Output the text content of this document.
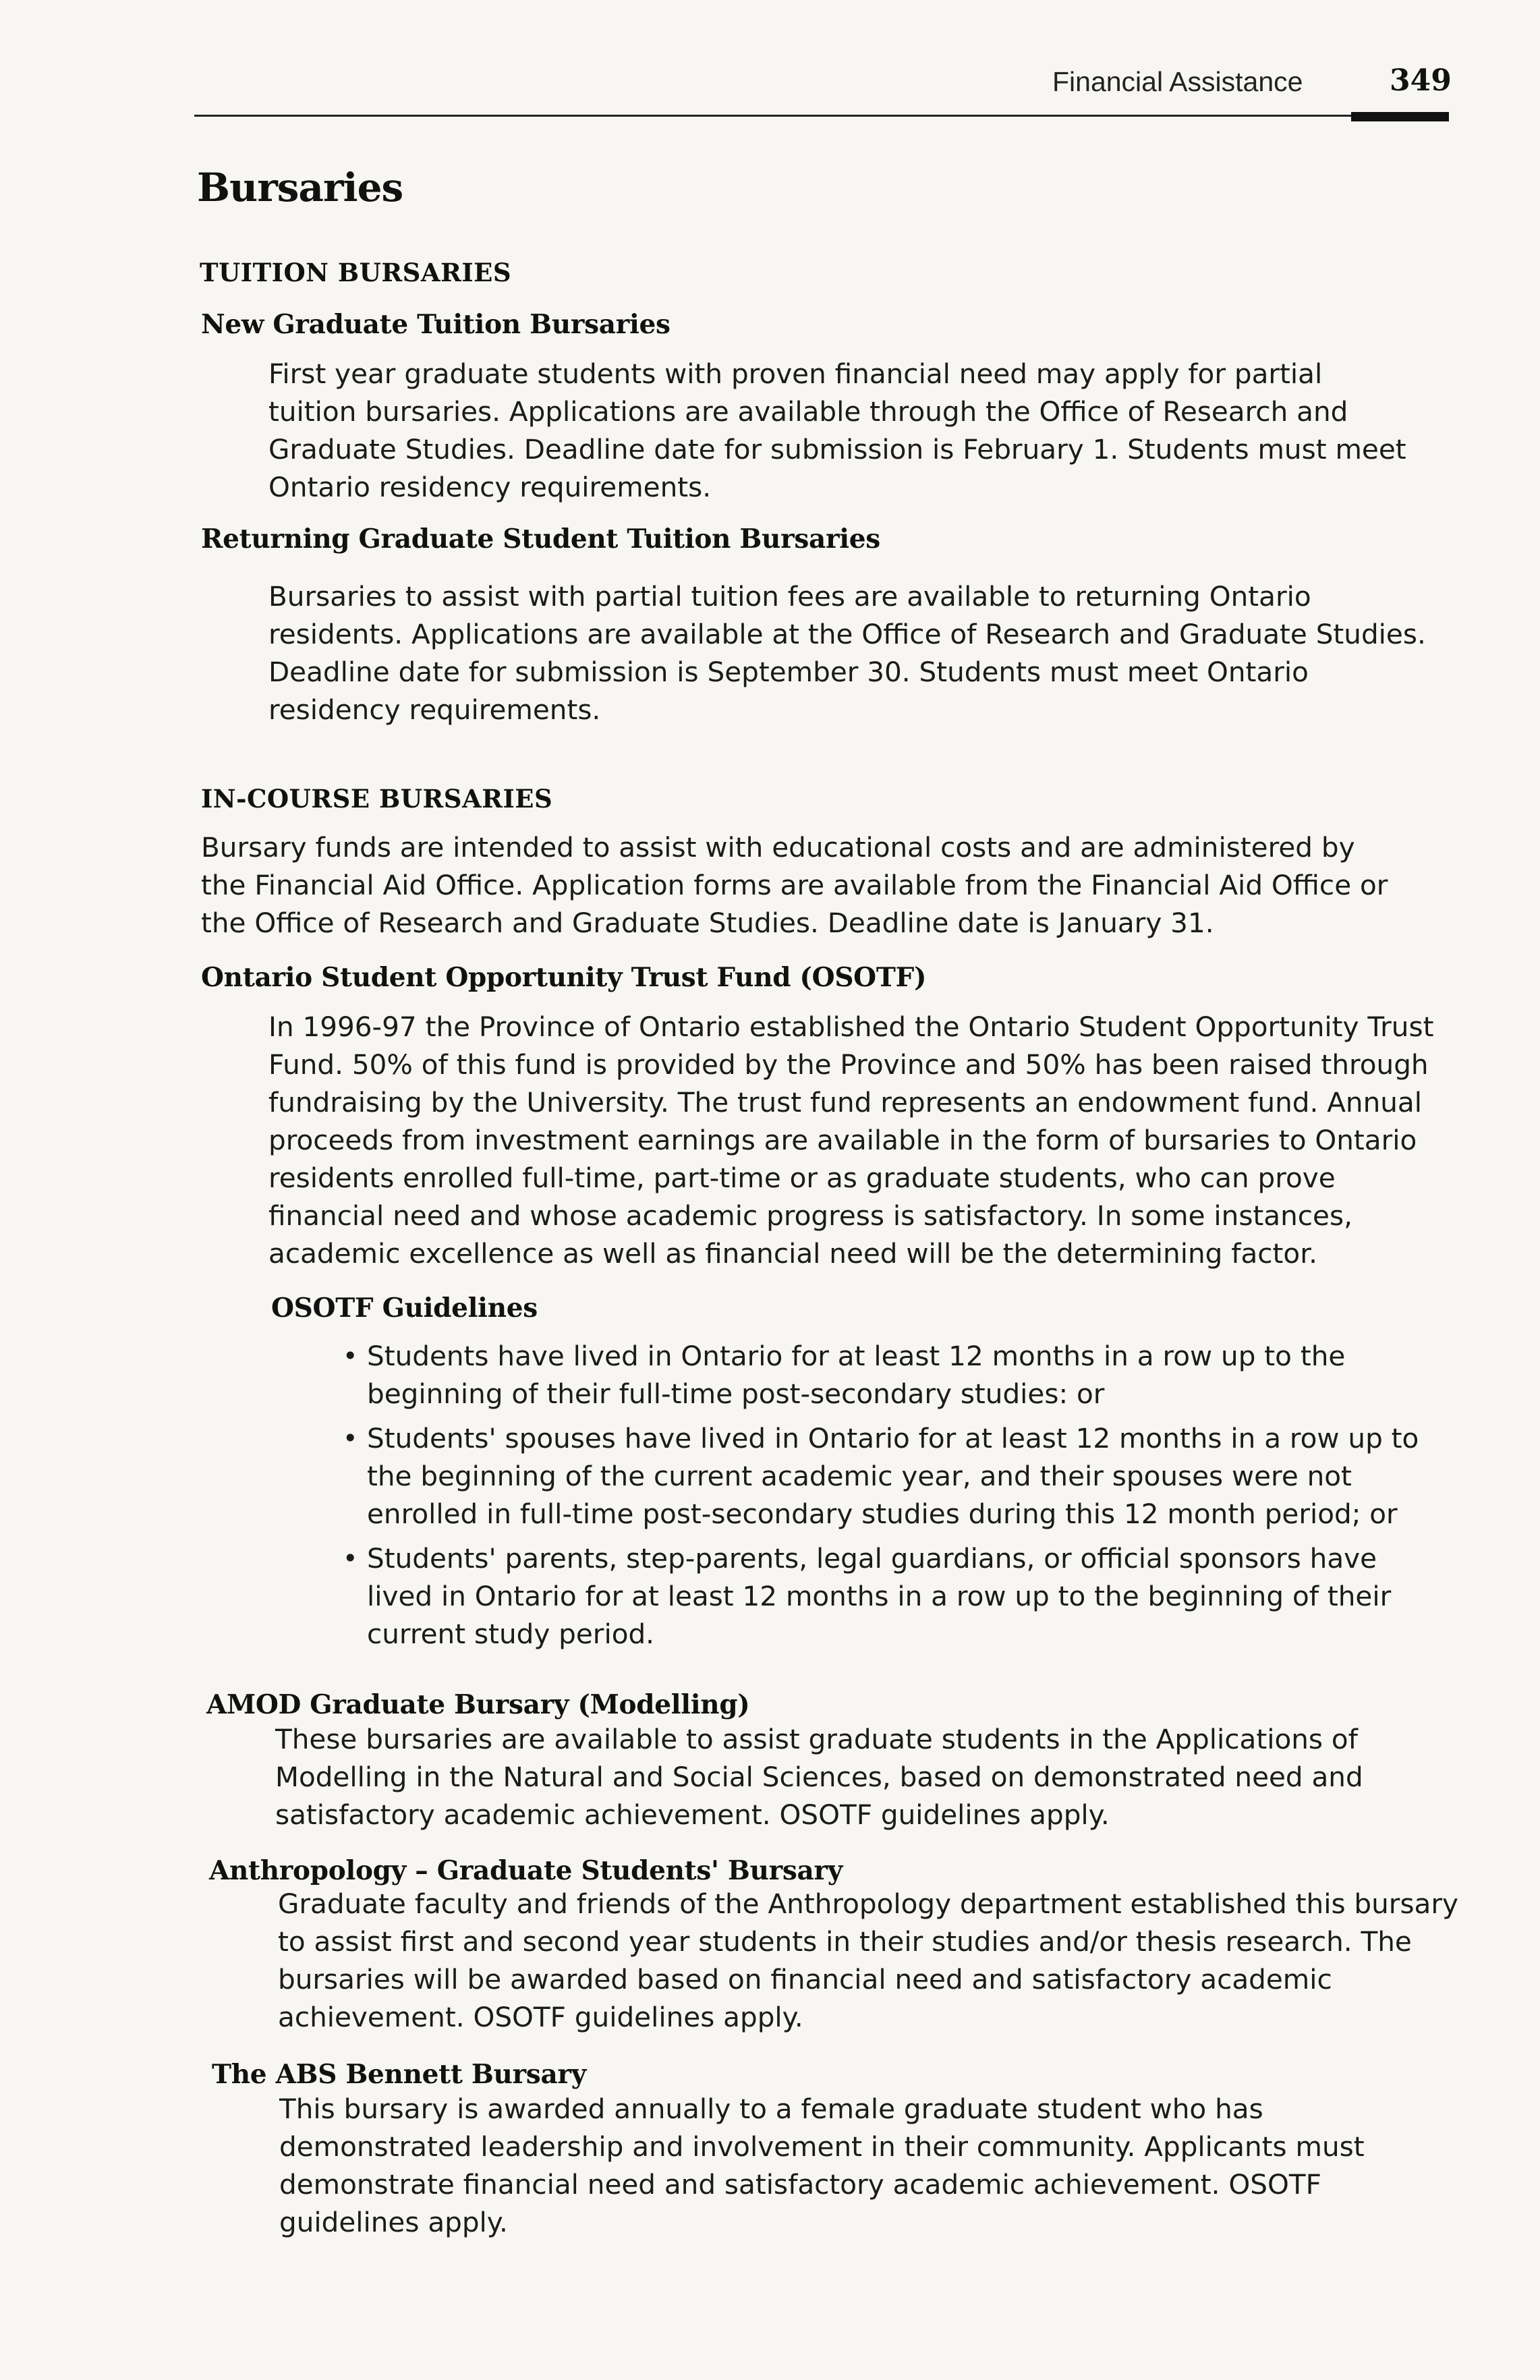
Financial Assistance	349
Bursaries
TUITION BURSARIES
New Graduate Tuition Bursaries

First year graduate students with proven financial need may apply for partial tuition bursaries. Applications are available through the Office of Research and Graduate Studies. Deadline date for submission is February 1. Students must meet Ontario residency requirements.

Returning Graduate Student Tuition Bursaries

Bursaries to assist with partial tuition fees are available to returning Ontario residents. Applications are available at the Office of Research and Graduate Studies. Deadline date for submission is September 30. Students must meet Ontario residency requirements.

IN-COURSE BURSARIES

Bursary funds are intended to assist with educational costs and are administered by the Financial Aid Office. Application forms are available from the Financial Aid Office or the Office of Research and Graduate Studies. Deadline date is January 31.

Ontario Student Opportunity Trust Fund (OSOTF)

In 1996-97 the Province of Ontario established the Ontario Student Opportunity Trust Fund. 50% of this fund is provided by the Province and 50% has been raised through fundraising by the University. The trust fund represents an endowment fund. Annual proceeds from investment earnings are available in the form of bursaries to Ontario residents enrolled full-time, part-time or as graduate students, who can prove financial need and whose academic progress is satisfactory. In some instances, academic excellence as well as financial need will be the determining factor.

OSOTF Guidelines
• Students have lived in Ontario for at least 12 months in a row up to the beginning of their full-time post-secondary studies: or
• Students' spouses have lived in Ontario for at least 12 months in a row up to the beginning of the current academic year, and their spouses were not enrolled in full-time post-secondary studies during this 12 month period; or
• Students' parents, step-parents, legal guardians, or official sponsors have lived in Ontario for at least 12 months in a row up to the beginning of their current study period.
AMOD Graduate Bursary (Modelling)

These bursaries are available to assist graduate students in the Applications of Modelling in the Natural and Social Sciences, based on demonstrated need and satisfactory academic achievement. OSOTF guidelines apply.

Anthropology – Graduate Students' Bursary

Graduate faculty and friends of the Anthropology department established this bursary to assist first and second year students in their studies and/or thesis research. The bursaries will be awarded based on financial need and satisfactory academic achievement. OSOTF guidelines apply.

The ABS Bennett Bursary

This bursary is awarded annually to a female graduate student who has demonstrated leadership and involvement in their community. Applicants must demonstrate financial need and satisfactory academic achievement. OSOTF guidelines apply.
